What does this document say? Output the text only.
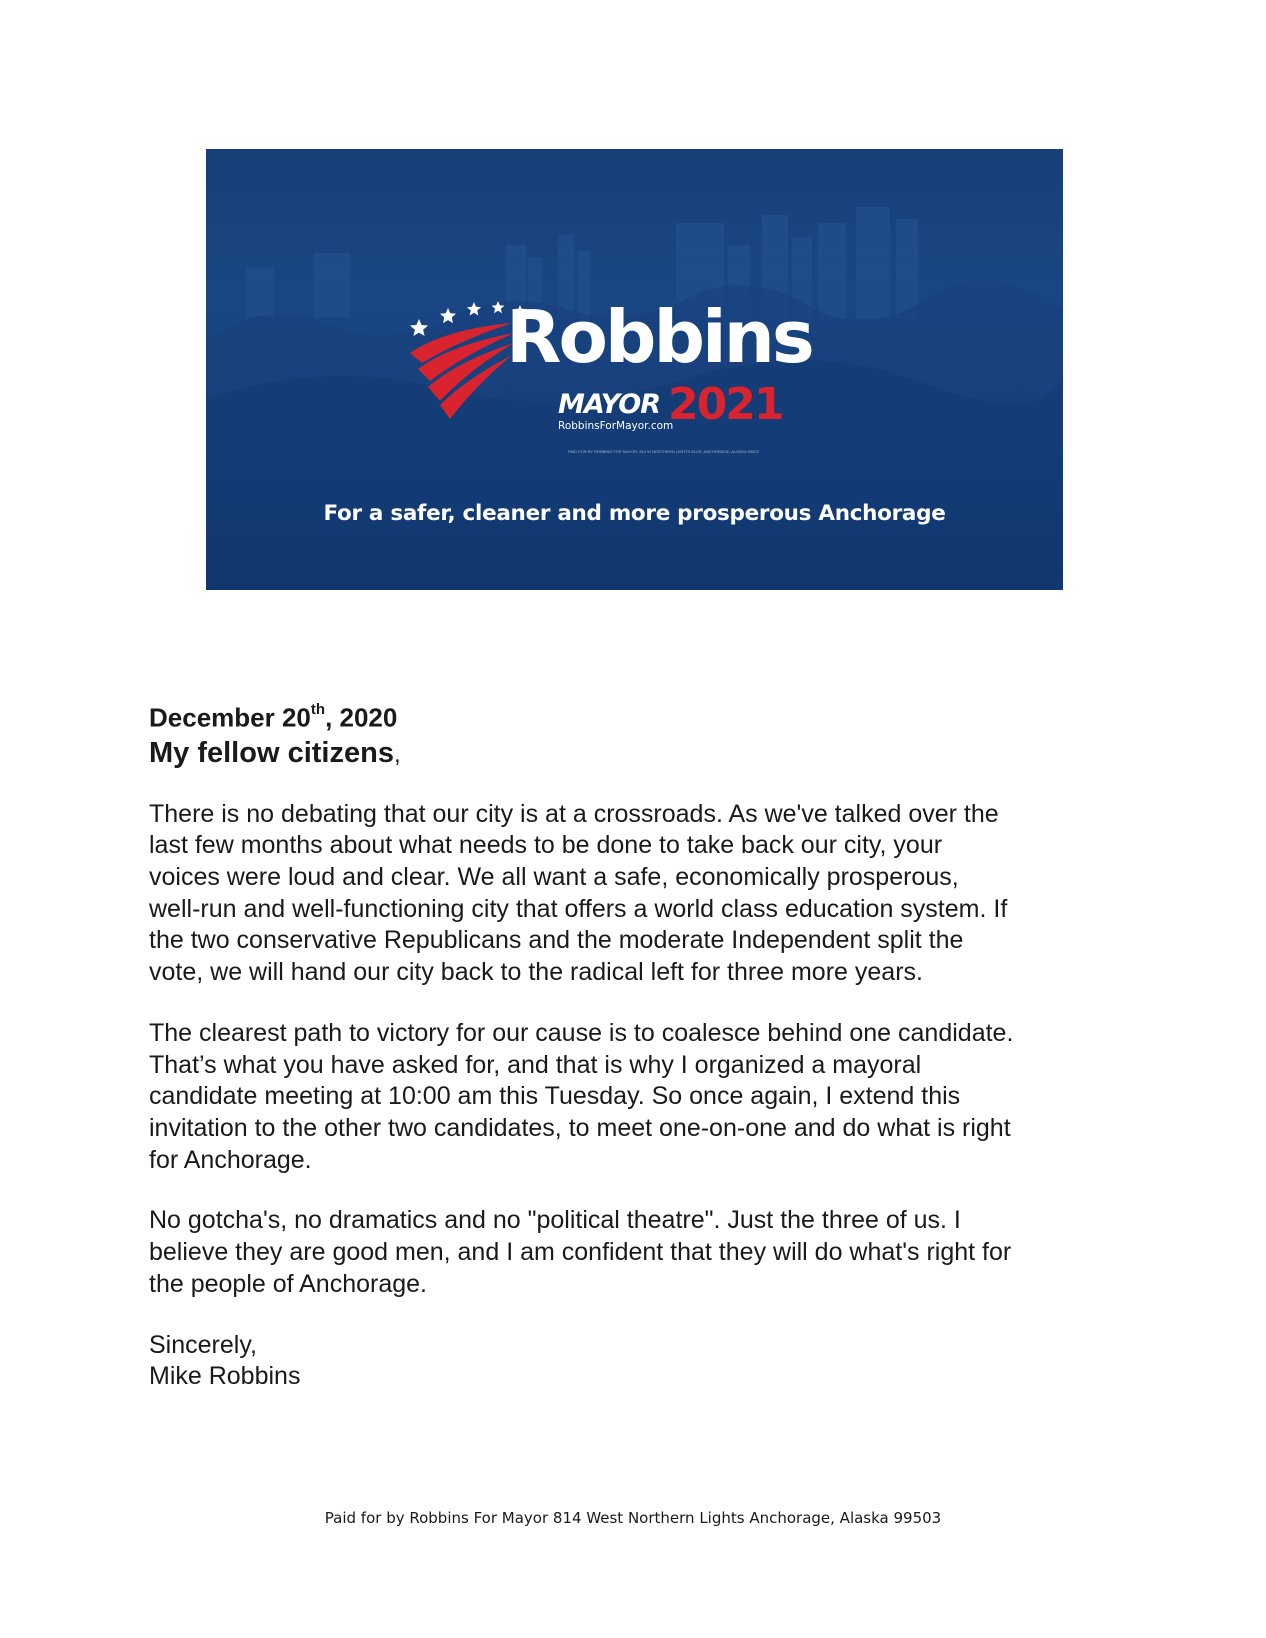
Robbins
MAYOR 2021
RobbinsForMayor.com
PAID FOR BY ROBBINS FOR MAYOR, 814 W NORTHERN LIGHTS BLVD, ANCHORAGE, ALASKA 99503
For a safer, cleaner and more prosperous Anchorage

December 20th, 2020

My fellow citizens,

There is no debating that our city is at a crossroads. As we've talked over the
last few months about what needs to be done to take back our city, your
voices were loud and clear. We all want a safe, economically prosperous,
well-run and well-functioning city that offers a world class education system. If
the two conservative Republicans and the moderate Independent split the
vote, we will hand our city back to the radical left for three more years.
The clearest path to victory for our cause is to coalesce behind one candidate.
That’s what you have asked for, and that is why I organized a mayoral
candidate meeting at 10:00 am this Tuesday. So once again, I extend this
invitation to the other two candidates, to meet one-on-one and do what is right
for Anchorage.
No gotcha's, no dramatics and no "political theatre". Just the three of us. I
believe they are good men, and I am confident that they will do what's right for
the people of Anchorage.
Sincerely,
Mike Robbins
Paid for by Robbins For Mayor 814 West Northern Lights Anchorage, Alaska 99503
